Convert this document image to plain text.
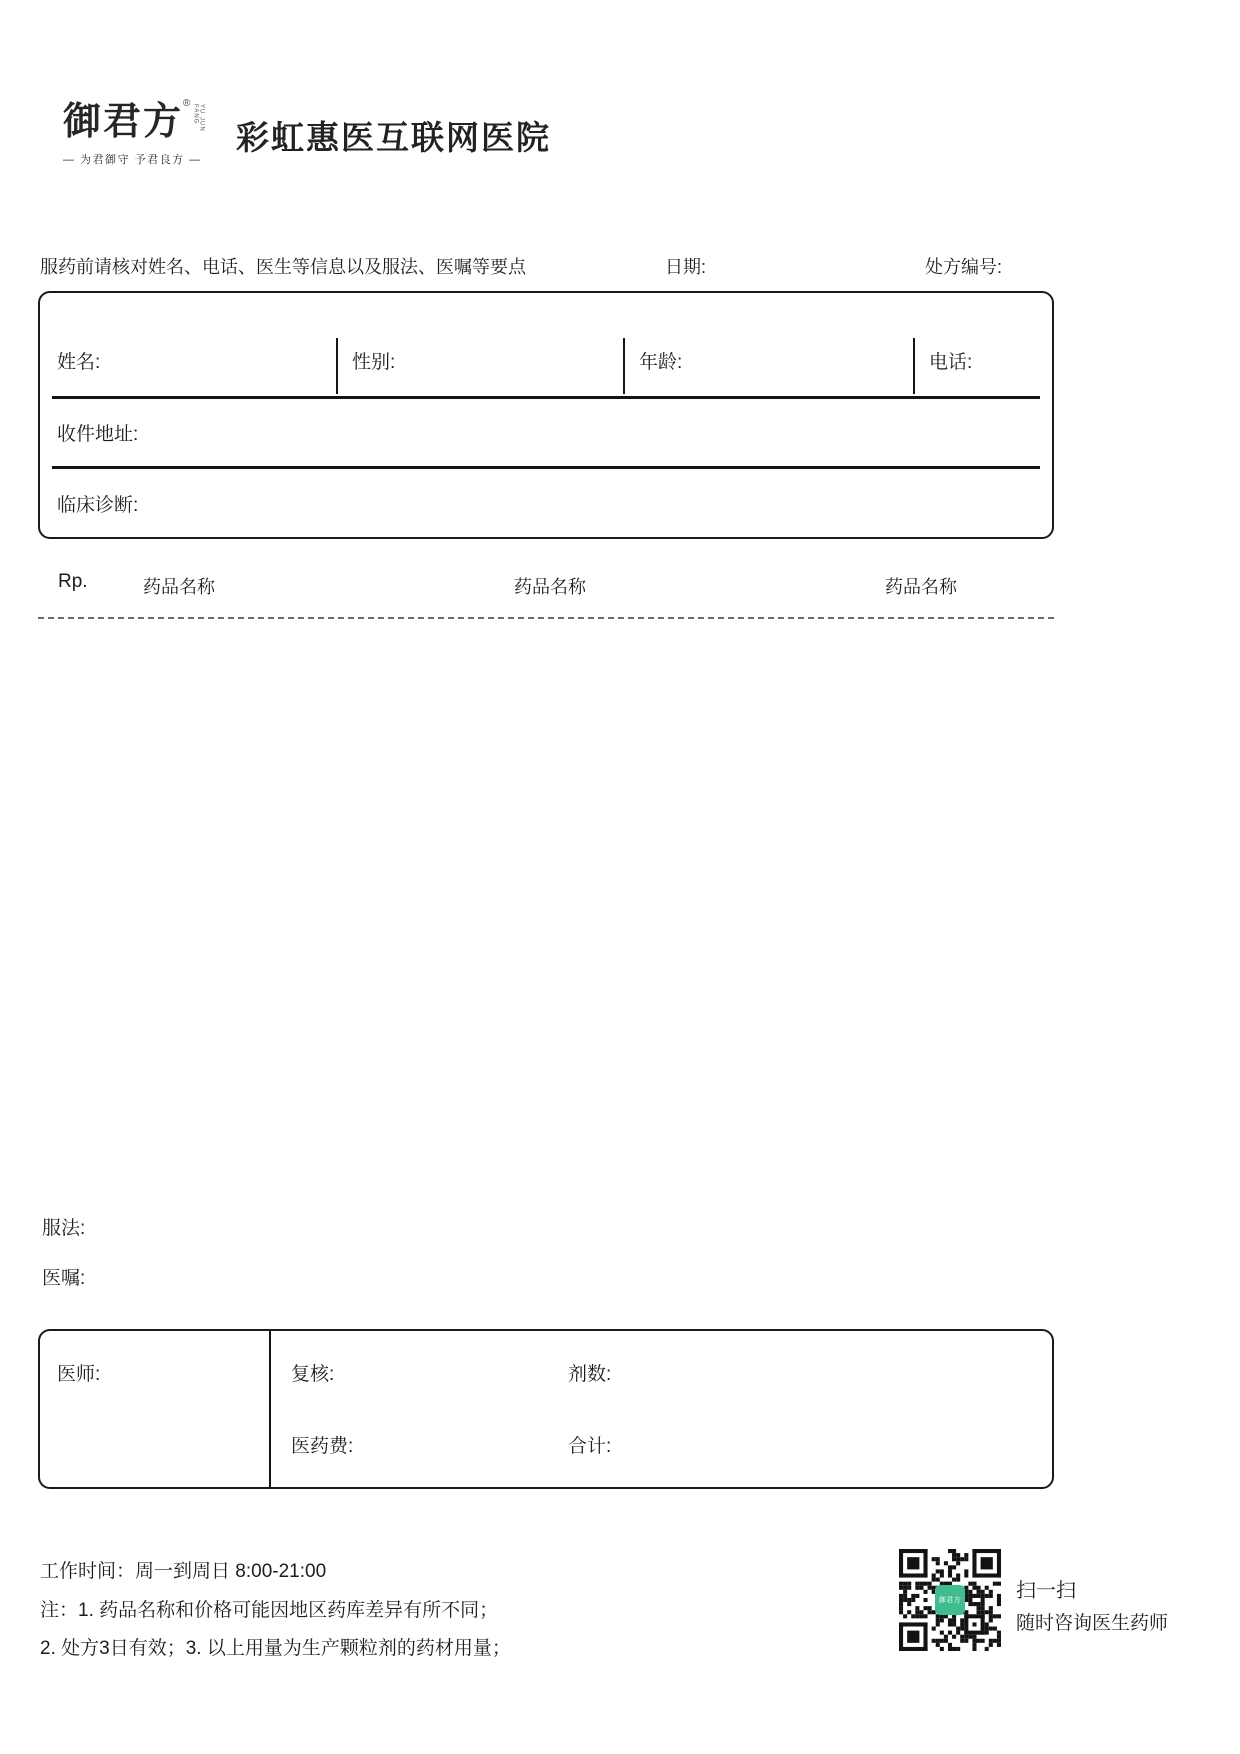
御君方 ®
YU JUN FANG
— 为君御守 予君良方 —
彩虹惠医互联网医院
服药前请核对姓名、电话、医生等信息以及服法、医嘱等要点	日期:	处方编号:
姓名:	性别:	年龄:	电话:
收件地址:
临床诊断:
Rp.	药品名称	药品名称	药品名称
服法:
医嘱:
医师:	复核:	剂数:
医药费:	合计:
工作时间：周一到周日 8:00-21:00
注：1. 药品名称和价格可能因地区药库差异有所不同；
2. 处方3日有效；3. 以上用量为生产颗粒剂的药材用量；
御君方	扫一扫
随时咨询医生药师
